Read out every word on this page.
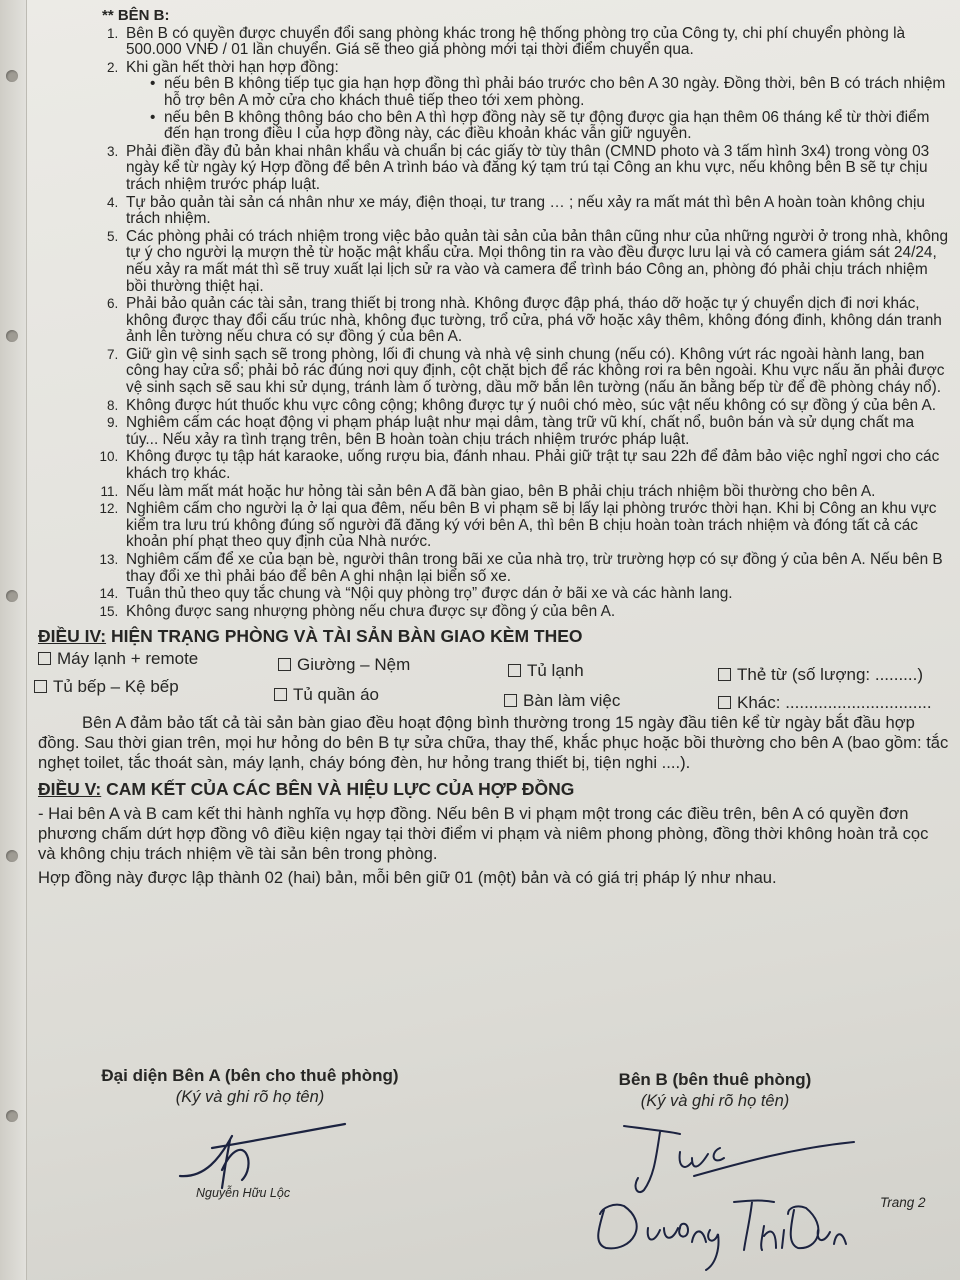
** BÊN B:
1. Bên B có quyền được chuyển đổi sang phòng khác trong hệ thống phòng trọ của Công ty, chi phí chuyển phòng là 500.000 VNĐ / 01 lần chuyển. Giá sẽ theo giá phòng mới tại thời điểm chuyển qua.
2. Khi gần hết thời hạn hợp đồng:
• nếu bên B không tiếp tục gia hạn hợp đồng thì phải báo trước cho bên A 30 ngày. Đồng thời, bên B có trách nhiệm hỗ trợ bên A mở cửa cho khách thuê tiếp theo tới xem phòng.
• nếu bên B không thông báo cho bên A thì hợp đồng này sẽ tự động được gia hạn thêm 06 tháng kể từ thời điểm đến hạn trong điều I của hợp đồng này, các điều khoản khác vẫn giữ nguyên.
3. Phải điền đầy đủ bản khai nhân khẩu và chuẩn bị các giấy tờ tùy thân (CMND photo và 3 tấm hình 3x4) trong vòng 03 ngày kể từ ngày ký Hợp đồng để bên A trình báo và đăng ký tạm trú tại Công an khu vực, nếu không bên B sẽ tự chịu trách nhiệm trước pháp luật.
4. Tự bảo quản tài sản cá nhân như xe máy, điện thoại, tư trang … ; nếu xảy ra mất mát thì bên A hoàn toàn không chịu trách nhiệm.
5. Các phòng phải có trách nhiệm trong việc bảo quản tài sản của bản thân cũng như của những người ở trong nhà, không tự ý cho người lạ mượn thẻ từ hoặc mật khẩu cửa. Mọi thông tin ra vào đều được lưu lại và có camera giám sát 24/24, nếu xảy ra mất mát thì sẽ truy xuất lại lịch sử ra vào và camera để trình báo Công an, phòng đó phải chịu trách nhiệm bồi thường thiệt hại.
6. Phải bảo quản các tài sản, trang thiết bị trong nhà. Không được đập phá, tháo dỡ hoặc tự ý chuyển dịch đi nơi khác, không được thay đổi cấu trúc nhà, không đục tường, trổ cửa, phá vỡ hoặc xây thêm, không đóng đinh, không dán tranh ảnh lên tường nếu chưa có sự đồng ý của bên A.
7. Giữ gìn vệ sinh sạch sẽ trong phòng, lối đi chung và nhà vệ sinh chung (nếu có). Không vứt rác ngoài hành lang, ban công hay cửa sổ; phải bỏ rác đúng nơi quy định, cột chặt bịch để rác không rơi ra bên ngoài. Khu vực nấu ăn phải được vệ sinh sạch sẽ sau khi sử dụng, tránh làm ố tường, dầu mỡ bắn lên tường (nấu ăn bằng bếp từ để đề phòng cháy nổ).
8. Không được hút thuốc khu vực công cộng; không được tự ý nuôi chó mèo, súc vật nếu không có sự đồng ý của bên A.
9. Nghiêm cấm các hoạt động vi phạm pháp luật như mại dâm, tàng trữ vũ khí, chất nổ, buôn bán và sử dụng chất ma túy... Nếu xảy ra tình trạng trên, bên B hoàn toàn chịu trách nhiệm trước pháp luật.
10. Không được tụ tập hát karaoke, uống rượu bia, đánh nhau. Phải giữ trật tự sau 22h để đảm bảo việc nghỉ ngơi cho các khách trọ khác.
11. Nếu làm mất mát hoặc hư hỏng tài sản bên A đã bàn giao, bên B phải chịu trách nhiệm bồi thường cho bên A.
12. Nghiêm cấm cho người lạ ở lại qua đêm, nếu bên B vi phạm sẽ bị lấy lại phòng trước thời hạn. Khi bị Công an khu vực kiểm tra lưu trú không đúng số người đã đăng ký với bên A, thì bên B chịu hoàn toàn trách nhiệm và đóng tất cả các khoản phí phạt theo quy định của Nhà nước.
13. Nghiêm cấm để xe của bạn bè, người thân trong bãi xe của nhà trọ, trừ trường hợp có sự đồng ý của bên A. Nếu bên B thay đổi xe thì phải báo để bên A ghi nhận lại biển số xe.
14. Tuân thủ theo quy tắc chung và “Nội quy phòng trọ” được dán ở bãi xe và các hành lang.
15. Không được sang nhượng phòng nếu chưa được sự đồng ý của bên A.
ĐIỀU IV: HIỆN TRẠNG PHÒNG VÀ TÀI SẢN BÀN GIAO KÈM THEO
Máy lạnh + remote	Giường – Nệm	Tủ lạnh	Thẻ từ (số lượng: .........)
Tủ bếp – Kệ bếp	Tủ quần áo	Bàn làm việc	Khác: ...............................

Bên A đảm bảo tất cả tài sản bàn giao đều hoạt động bình thường trong 15 ngày đầu tiên kể từ ngày bắt đầu hợp đồng. Sau thời gian trên, mọi hư hỏng do bên B tự sửa chữa, thay thế, khắc phục hoặc bồi thường cho bên A (bao gồm: tắc nghẹt toilet, tắc thoát sàn, máy lạnh, cháy bóng đèn, hư hỏng trang thiết bị, tiện nghi ....).

ĐIỀU V: CAM KẾT CỦA CÁC BÊN VÀ HIỆU LỰC CỦA HỢP ĐỒNG

- Hai bên A và B cam kết thi hành nghĩa vụ hợp đồng. Nếu bên B vi phạm một trong các điều trên, bên A có quyền đơn phương chấm dứt hợp đồng vô điều kiện ngay tại thời điểm vi phạm và niêm phong phòng, đồng thời không hoàn trả cọc và không chịu trách nhiệm về tài sản bên trong phòng.

Hợp đồng này được lập thành 02 (hai) bản, mỗi bên giữ 01 (một) bản và có giá trị pháp lý như nhau.

Đại diện Bên A (bên cho thuê phòng)
(Ký và ghi rõ họ tên)
Bên B (bên thuê phòng)
(Ký và ghi rõ họ tên)
Nguyễn Hữu Lộc
Trang 2
